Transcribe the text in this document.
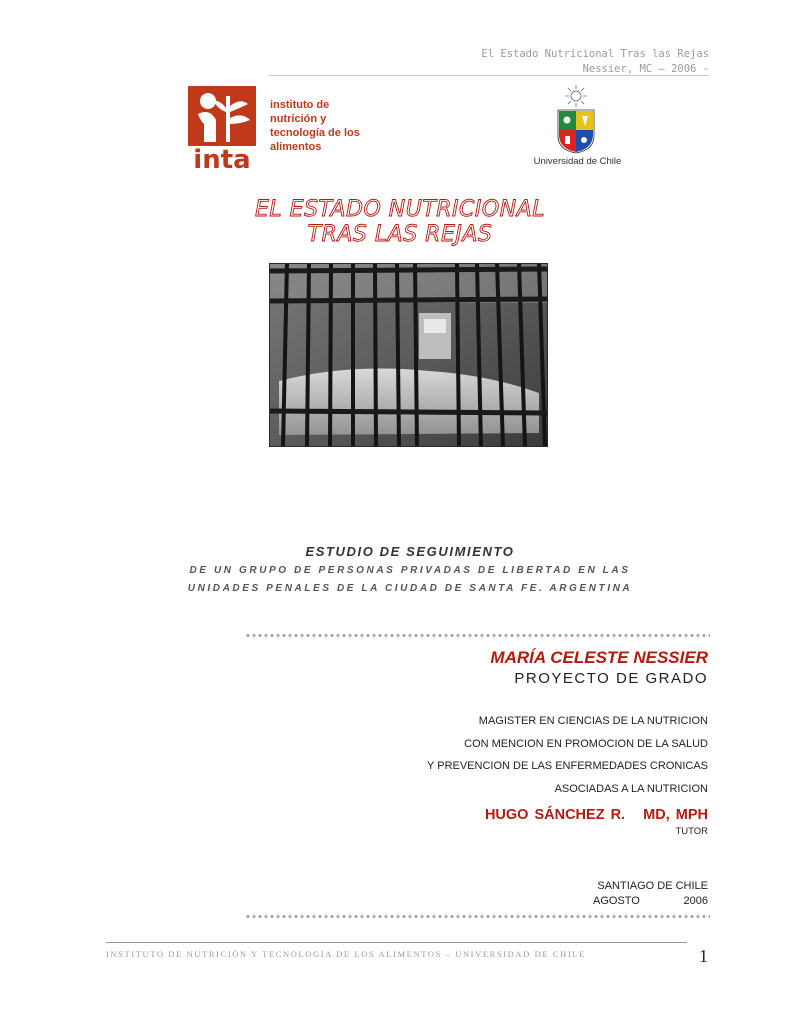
El Estado Nutricional Tras las Rejas
Nessier, MC – 2006 -
inta
instituto de
nutrición y
tecnología de los
alimentos
Universidad de Chile
EL ESTADO NUTRICIONAL
TRAS LAS REJAS
ESTUDIO DE SEGUIMIENTO
DE UN GRUPO DE PERSONAS PRIVADAS DE LIBERTAD EN LAS
UNIDADES PENALES DE LA CIUDAD DE SANTA FE. ARGENTINA
MARÍA CELESTE NESSIER
PROYECTO DE GRADO
MAGISTER EN CIENCIAS DE LA NUTRICION
CON MENCION EN PROMOCION DE LA SALUD
Y PREVENCION DE LAS ENFERMEDADES CRONICAS
ASOCIADAS A LA NUTRICION
HUGO SÁNCHEZ R.   MD, MPH
TUTOR
SANTIAGO DE CHILE
AGOSTO	2006
INSTITUTO DE NUTRICIÓN Y TECNOLOGÍA DE LOS ALIMENTOS – UNIVERSIDAD DE CHILE	1
